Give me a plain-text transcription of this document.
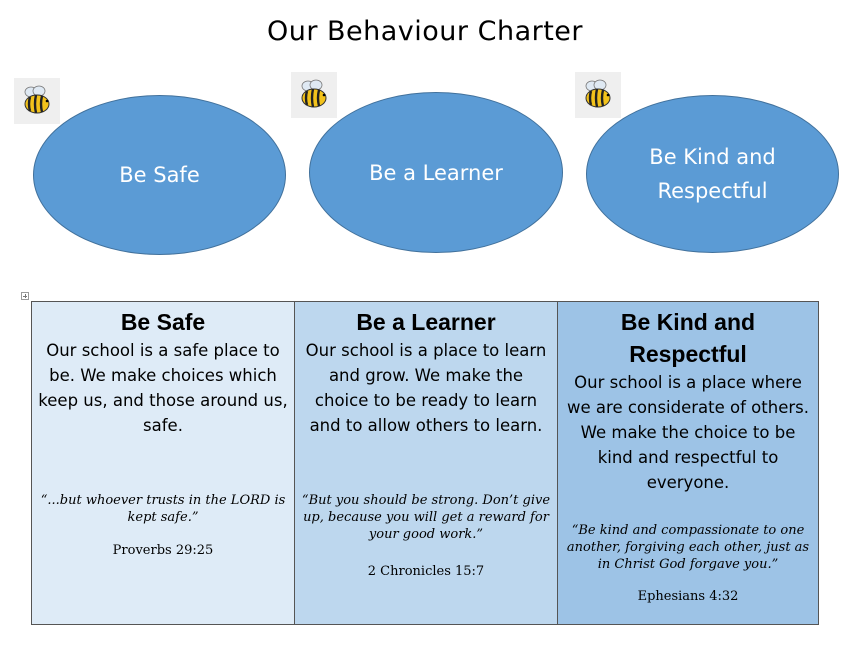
Our Behaviour Charter
Be Safe	Be a Learner
Be Kind and
Respectful

Be Safe

Our school is a safe place to be. We make choices which keep us, and those around us, safe.

“...but whoever trusts in the LORD is kept safe.”

Proverbs 29:25

Be a Learner

Our school is a place to learn and grow. We make the choice to be ready to learn and to allow others to learn.

“But you should be strong. Don’t give up, because you will get a reward for your good work.”

2 Chronicles 15:7

Be Kind and

Respectful

Our school is a place where we are considerate of others. We make the choice to be kind and respectful to everyone.

“Be kind and compassionate to one another, forgiving each other, just as in Christ God forgave you.”

Ephesians 4:32
